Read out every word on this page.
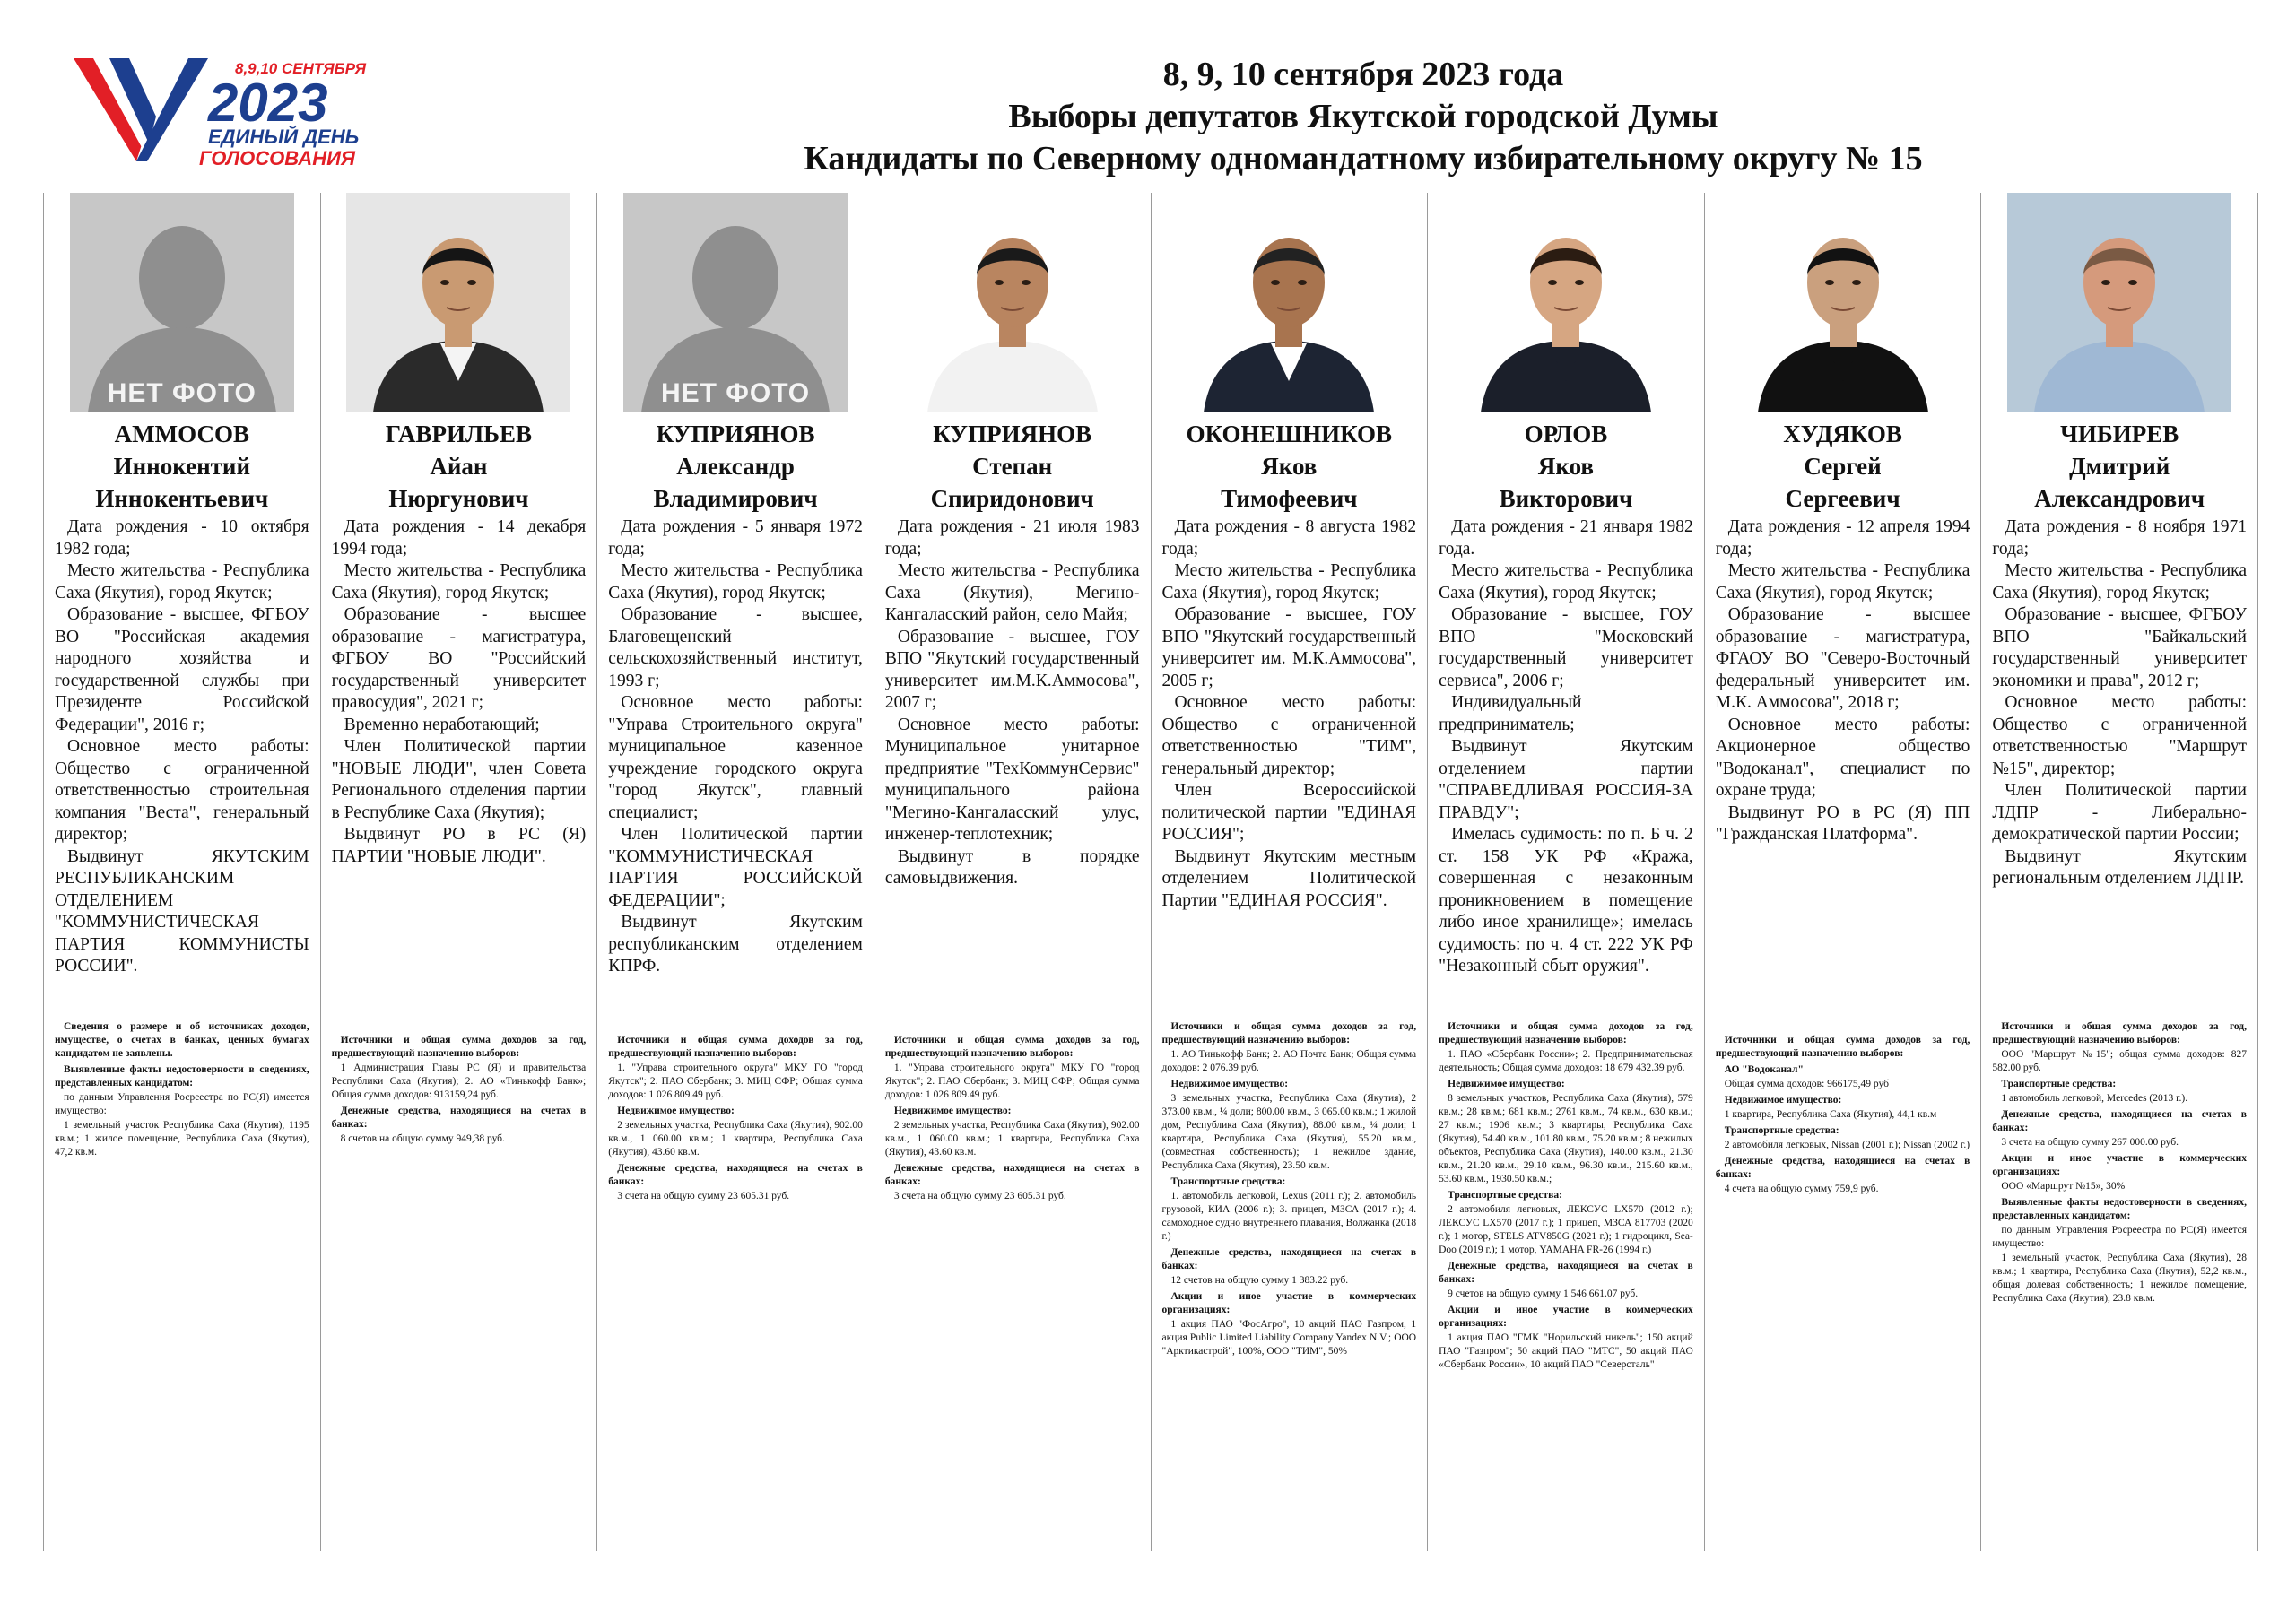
8,9,10 СЕНТЯБРЯ
2023
ЕДИНЫЙ ДЕНЬ
ГОЛОСОВАНИЯ
8, 9, 10 сентября 2023 года
Выборы депутатов Якутской городской Думы
Кандидаты по Северному одномандатному избирательному округу № 15
НЕТ ФОТО
АММОСОВ
Иннокентий
Иннокентьевич

Дата рождения - 10 октября 1982 года;

Место жительства - Республика Саха (Якутия), город Якутск;

Образование - высшее, ФГБОУ ВО "Российская академия народного хозяйства и государственной службы при Президенте Российской Федерации", 2016 г;

Основное место работы: Общество с ограниченной ответственностью строительная компания "Веста", генеральный директор;

Выдвинут ЯКУТСКИМ РЕСПУБЛИКАНСКИМ ОТДЕЛЕНИЕМ "КОММУНИСТИЧЕСКАЯ ПАРТИЯ КОММУНИСТЫ РОССИИ".

Сведения о размере и об источниках доходов, имуществе, о счетах в банках, ценных бумагах кандидатом не заявлены.

Выявленные факты недостоверности в сведениях, представленных кандидатом:

по данным Управления Росреестра по РС(Я) имеется имущество:

1 земельный участок Республика Саха (Якутия), 1195 кв.м.; 1 жилое помещение, Республика Саха (Якутия), 47,2 кв.м.

ГАВРИЛЬЕВ
Айан
Нюргунович

Дата рождения - 14 декабря 1994 года;

Место жительства - Республика Саха (Якутия), город Якутск;

Образование - высшее образование - магистратура, ФГБОУ ВО "Российский государственный университет правосудия", 2021 г;

Временно неработающий;

Член Политической партии "НОВЫЕ ЛЮДИ", член Совета Регионального отделения партии в Республике Саха (Якутия);

Выдвинут РО в РС (Я) ПАРТИИ "НОВЫЕ ЛЮДИ".

Источники и общая сумма доходов за год, предшествующий назначению выборов:

1 Администрация Главы РС (Я) и правительства Республики Саха (Якутия); 2. АО «Тинькофф Банк»; Общая сумма доходов: 913159,24 руб.

Денежные средства, находящиеся на счетах в банках:

8 счетов на общую сумму 949,38 руб.

НЕТ ФОТО
КУПРИЯНОВ
Александр
Владимирович

Дата рождения - 5 января 1972 года;

Место жительства - Республика Саха (Якутия), город Якутск;

Образование - высшее, Благовещенский сельскохозяйственный институт, 1993 г;

Основное место работы: "Управа Строительного округа" муниципальное казенное учреждение городского округа "город Якутск", главный специалист;

Член Политической партии "КОММУНИСТИЧЕСКАЯ ПАРТИЯ РОССИЙСКОЙ ФЕДЕРАЦИИ";

Выдвинут Якутским республиканским отделением КПРФ.

Источники и общая сумма доходов за год, предшествующий назначению выборов:

1. "Управа строительного округа" МКУ ГО "город Якутск"; 2. ПАО Сбербанк; 3. МИЦ СФР; Общая сумма доходов: 1 026 809.49 руб.

Недвижимое имущество:

2 земельных участка, Республика Саха (Якутия), 902.00 кв.м., 1 060.00 кв.м.; 1 квартира, Республика Саха (Якутия), 43.60 кв.м.

Денежные средства, находящиеся на счетах в банках:

3 счета на общую сумму 23 605.31 руб.

КУПРИЯНОВ
Степан
Спиридонович

Дата рождения - 21 июля 1983 года;

Место жительства - Республика Саха (Якутия), Мегино-Кангаласский район, село Майя;

Образование - высшее, ГОУ ВПО "Якутский государственный университет им.М.К.Аммосова", 2007 г;

Основное место работы: Муниципальное унитарное предприятие "ТехКоммунСервис" муниципального района "Мегино-Кангаласский улус, инженер-теплотехник;

Выдвинут в порядке самовыдвижения.

Источники и общая сумма доходов за год, предшествующий назначению выборов:

1. "Управа строительного округа" МКУ ГО "город Якутск"; 2. ПАО Сбербанк; 3. МИЦ СФР; Общая сумма доходов: 1 026 809.49 руб.

Недвижимое имущество:

2 земельных участка, Республика Саха (Якутия), 902.00 кв.м., 1 060.00 кв.м.; 1 квартира, Республика Саха (Якутия), 43.60 кв.м.

Денежные средства, находящиеся на счетах в банках:

3 счета на общую сумму 23 605.31 руб.

ОКОНЕШНИКОВ
Яков
Тимофеевич

Дата рождения - 8 августа 1982 года;

Место жительства - Республика Саха (Якутия), город Якутск;

Образование - высшее, ГОУ ВПО "Якутский государственный университет им. М.К.Аммосова", 2005 г;

Основное место работы: Общество с ограниченной ответственностью "ТИМ", генеральный директор;

Член Всероссийской политической партии "ЕДИНАЯ РОССИЯ";

Выдвинут Якутским местным отделением Политической Партии "ЕДИНАЯ РОССИЯ".

Источники и общая сумма доходов за год, предшествующий назначению выборов:

1. АО Тинькофф Банк; 2. АО Почта Банк; Общая сумма доходов: 2 076.39 руб.

Недвижимое имущество:

3 земельных участка, Республика Саха (Якутия), 2 373.00 кв.м., ¼ доли; 800.00 кв.м., 3 065.00 кв.м.; 1 жилой дом, Республика Саха (Якутия), 88.00 кв.м., ¼ доли; 1 квартира, Республика Саха (Якутия), 55.20 кв.м., (совместная собственность); 1 нежилое здание, Республика Саха (Якутия), 23.50 кв.м.

Транспортные средства:

1. автомобиль легковой, Lexus (2011 г.); 2. автомобиль грузовой, КИА (2006 г.); 3. прицеп, МЗСА (2017 г.); 4. самоходное судно внутреннего плавания, Волжанка (2018 г.)

Денежные средства, находящиеся на счетах в банках:

12 счетов на общую сумму 1 383.22 руб.

Акции и иное участие в коммерческих организациях:

1 акция ПАО "ФосАгро", 10 акций ПАО Газпром, 1 акция Public Limited Liability Company Yandex N.V.; ООО "Арктикастрой", 100%, ООО "ТИМ", 50%

ОРЛОВ
Яков
Викторович

Дата рождения - 21 января 1982 года.

Место жительства - Республика Саха (Якутия), город Якутск;

Образование - высшее, ГОУ ВПО "Московский государственный университет сервиса", 2006 г;

Индивидуальный предприниматель;

Выдвинут Якутским отделением партии "СПРАВЕДЛИВАЯ РОССИЯ-ЗА ПРАВДУ";

Имелась судимость: по п. Б ч. 2 ст. 158 УК РФ «Кража, совершенная с незаконным проникновением в помещение либо иное хранилище»; имелась судимость: по ч. 4 ст. 222 УК РФ "Незаконный сбыт оружия".

Источники и общая сумма доходов за год, предшествующий назначению выборов:

1. ПАО «Сбербанк России»; 2. Предпринимательская деятельность; Общая сумма доходов: 18 679 432.39 руб.

Недвижимое имущество:

8 земельных участков, Республика Саха (Якутия), 579 кв.м.; 28 кв.м.; 681 кв.м.; 2761 кв.м., 74 кв.м., 630 кв.м.; 27 кв.м.; 1906 кв.м.; 3 квартиры, Республика Саха (Якутия), 54.40 кв.м., 101.80 кв.м., 75.20 кв.м.; 8 нежилых объектов, Республика Саха (Якутия), 140.00 кв.м., 21.30 кв.м., 21.20 кв.м., 29.10 кв.м., 96.30 кв.м., 215.60 кв.м., 53.60 кв.м., 1930.50 кв.м.;

Транспортные средства:

2 автомобиля легковых, ЛЕКСУС LX570 (2012 г.); ЛЕКСУС LX570 (2017 г.); 1 прицеп, МЗСА 817703 (2020 г.); 1 мотор, STELS ATV850G (2021 г.); 1 гидроцикл, Sea-Doo (2019 г.); 1 мотор, YAMAHA FR-26 (1994 г.)

Денежные средства, находящиеся на счетах в банках:

9 счетов на общую сумму 1 546 661.07 руб.

Акции и иное участие в коммерческих организациях:

1 акция ПАО "ГМК "Норильский никель"; 150 акций ПАО "Газпром"; 50 акций ПАО "МТС", 50 акций ПАО «Сбербанк России», 10 акций ПАО "Северсталь"

ХУДЯКОВ
Сергей
Сергеевич

Дата рождения - 12 апреля 1994 года;

Место жительства - Республика Саха (Якутия), город Якутск;

Образование - высшее образование - магистратура, ФГАОУ ВО "Северо-Восточный федеральный университет им. М.К. Аммосова", 2018 г;

Основное место работы: Акционерное общество "Водоканал", специалист по охране труда;

Выдвинут РО в РС (Я) ПП "Гражданская Платформа".

Источники и общая сумма доходов за год, предшествующий назначению выборов:

АО "Водоканал"

Общая сумма доходов: 966175,49 руб

Недвижимое имущество:

1 квартира, Республика Саха (Якутия), 44,1 кв.м

Транспортные средства:

2 автомобиля легковых, Nissan (2001 г.); Nissan (2002 г.)

Денежные средства, находящиеся на счетах в банках:

4 счета на общую сумму 759,9 руб.

ЧИБИРЕВ
Дмитрий
Александрович

Дата рождения - 8 ноября 1971 года;

Место жительства - Республика Саха (Якутия), город Якутск;

Образование - высшее, ФГБОУ ВПО "Байкальский государственный университет экономики и права", 2012 г;

Основное место работы: Общество с ограниченной ответственностью "Маршрут №15", директор;

Член Политической партии ЛДПР - Либерально-демократической партии России;

Выдвинут Якутским региональным отделением ЛДПР.

Источники и общая сумма доходов за год, предшествующий назначению выборов:

ООО "Маршрут №15"; общая сумма доходов: 827 582.00 руб.

Транспортные средства:

1 автомобиль легковой, Mercedes (2013 г.).

Денежные средства, находящиеся на счетах в банках:

3 счета на общую сумму 267 000.00 руб.

Акции и иное участие в коммерческих организациях:

ООО «Маршрут №15», 30%

Выявленные факты недостоверности в сведениях, представленных кандидатом:

по данным Управления Росреестра по РС(Я) имеется имущество:

1 земельный участок, Республика Саха (Якутия), 28 кв.м.; 1 квартира, Республика Саха (Якутия), 52,2 кв.м., общая долевая собственность; 1 нежилое помещение, Республика Саха (Якутия), 23.8 кв.м.
